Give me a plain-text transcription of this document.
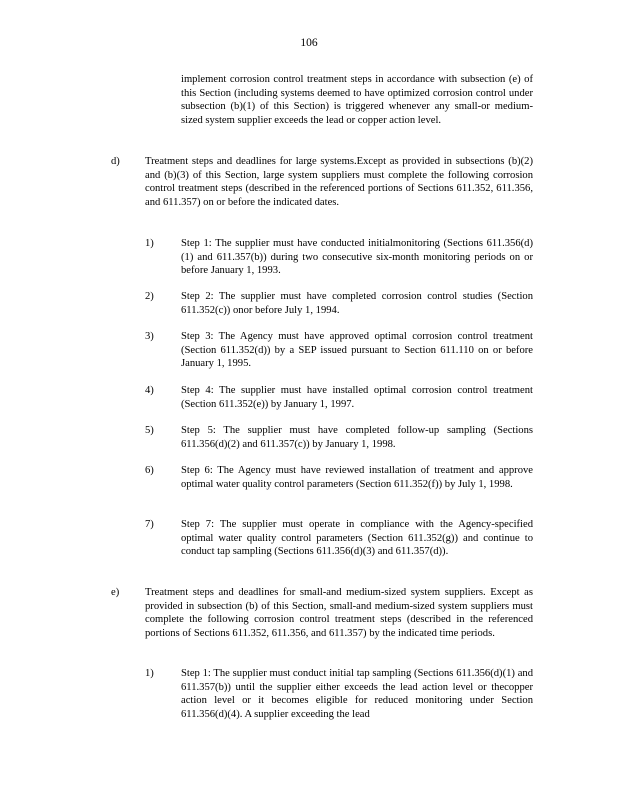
106
implement corrosion control treatment steps in accordance with subsection (e) of this Section (including systems deemed to have optimized corrosion control under subsection (b)(1) of this Section) is triggered whenever any small-or medium-sized system supplier exceeds the lead or copper action level.
d) Treatment steps and deadlines for large systems.Except as provided in subsections (b)(2) and (b)(3) of this Section, large system suppliers must complete the following corrosion control treatment steps (described in the referenced portions of Sections 611.352, 611.356, and 611.357) on or before the indicated dates.
1)	Step 1: The supplier must have conducted initialmonitoring (Sections 611.356(d)(1) and 611.357(b)) during two consecutive six-month monitoring periods on or before January 1, 1993.
2)	Step 2: The supplier must have completed corrosion control studies (Section 611.352(c)) onor before July 1, 1994.
3)	Step 3: The Agency must have approved optimal corrosion control treatment (Section 611.352(d)) by a SEP issued pursuant to Section 611.110 on or before January 1, 1995.
4)	Step 4: The supplier must have installed optimal corrosion control treatment (Section 611.352(e)) by January 1, 1997.
5)	Step 5: The supplier must have completed follow-up sampling (Sections 611.356(d)(2) and 611.357(c)) by January 1, 1998.
6)	Step 6: The Agency must have reviewed installation of treatment and approve optimal water quality control parameters (Section 611.352(f)) by July 1, 1998.
7)	Step 7: The supplier must operate in compliance with the Agency-specified optimal water quality control parameters (Section 611.352(g)) and continue to conduct tap sampling (Sections 611.356(d)(3) and 611.357(d)).
e) Treatment steps and deadlines for small-and medium-sized system suppliers. Except as provided in subsection (b) of this Section, small-and medium-sized system suppliers must complete the following corrosion control treatment steps (described in the referenced portions of Sections 611.352, 611.356, and 611.357) by the indicated time periods.
1)	Step 1: The supplier must conduct initial tap sampling (Sections 611.356(d)(1) and 611.357(b)) until the supplier either exceeds the lead action level or thecopper action level or it becomes eligible for reduced monitoring under Section 611.356(d)(4). A supplier exceeding the lead
